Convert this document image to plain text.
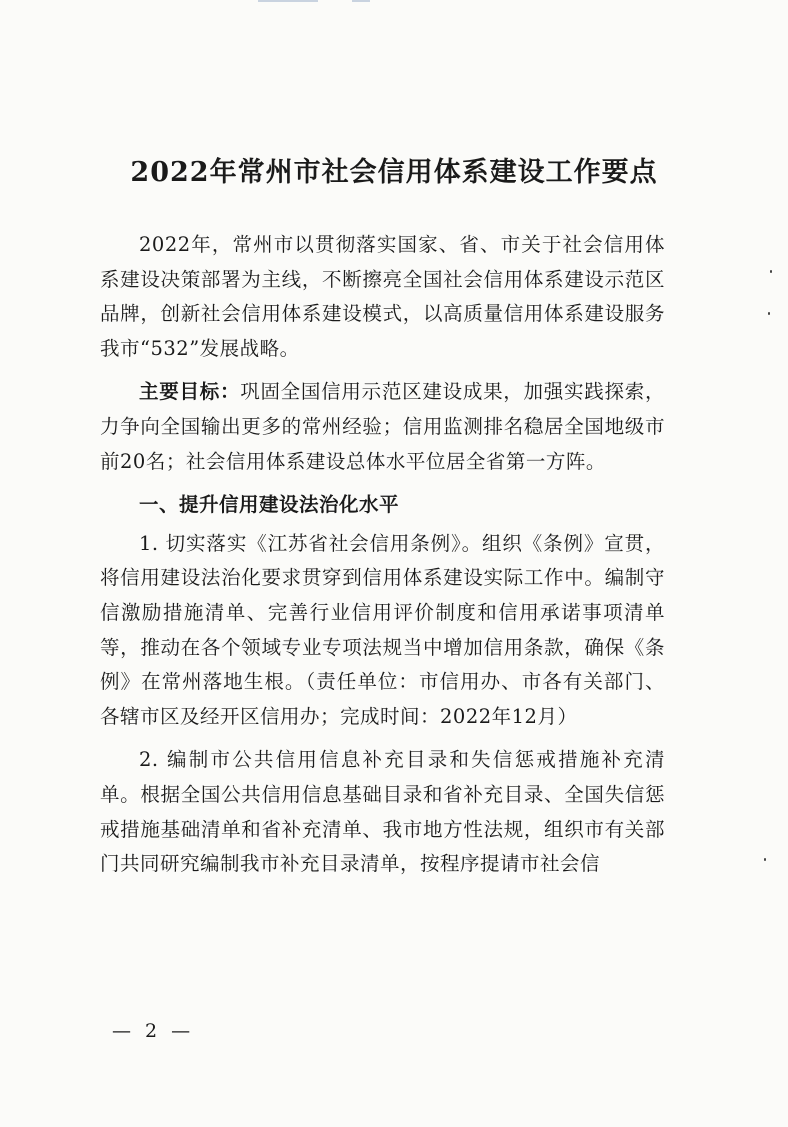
2022年常州市社会信用体系建设工作要点

2022年，常州市以贯彻落实国家、省、市关于社会信用体系建设决策部署为主线，不断擦亮全国社会信用体系建设示范区品牌，创新社会信用体系建设模式，以高质量信用体系建设服务我市“532”发展战略。

主要目标：巩固全国信用示范区建设成果，加强实践探索，力争向全国输出更多的常州经验；信用监测排名稳居全国地级市前20名；社会信用体系建设总体水平位居全省第一方阵。

一、提升信用建设法治化水平

1. 切实落实《江苏省社会信用条例》。组织《条例》宣贯，将信用建设法治化要求贯穿到信用体系建设实际工作中。编制守信激励措施清单、完善行业信用评价制度和信用承诺事项清单等，推动在各个领域专业专项法规当中增加信用条款，确保《条例》在常州落地生根。（责任单位：市信用办、市各有关部门、各辖市区及经开区信用办；完成时间：2022年12月）

2. 编制市公共信用信息补充目录和失信惩戒措施补充清单。根据全国公共信用信息基础目录和省补充目录、全国失信惩戒措施基础清单和省补充清单、我市地方性法规，组织市有关部门共同研究编制我市补充目录清单，按程序提请市社会信

— 2 —
